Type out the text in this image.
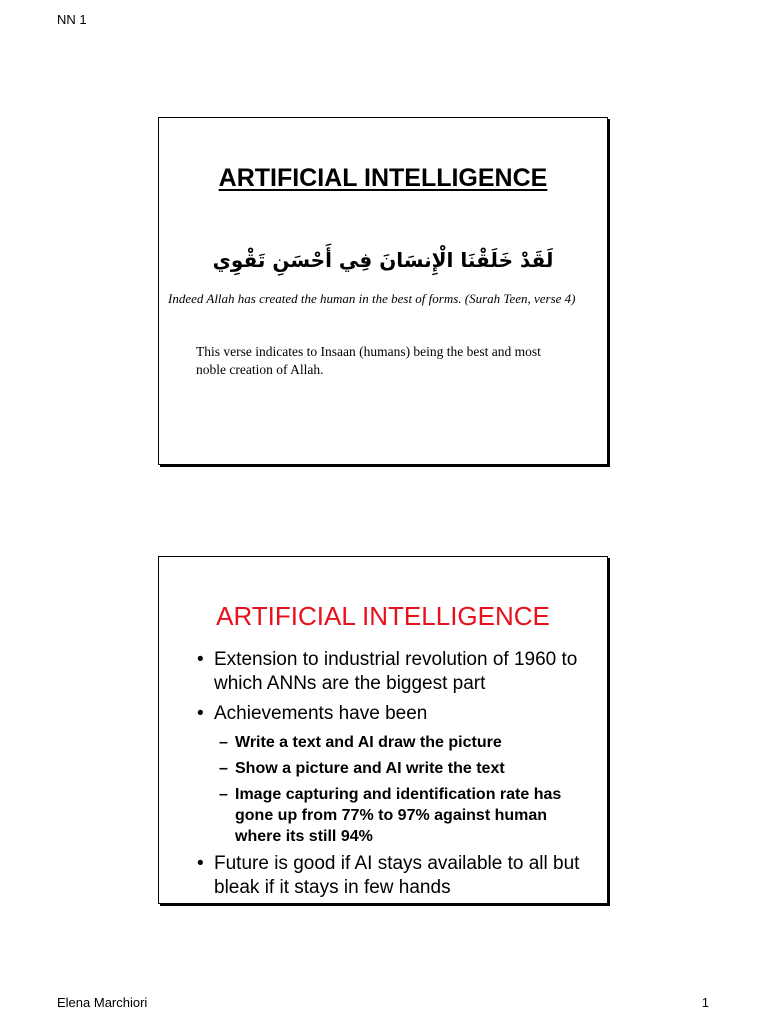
NN 1
ARTIFICIAL INTELLIGENCE
لَقَدْ خَلَقْنَا الْإِنسَانَ فِي أَحْسَنِ تَقْوِي
Indeed Allah has created the human in the best of forms. (Surah Teen, verse 4)
This verse indicates to Insaan (humans) being the best and most noble creation of Allah.
ARTIFICIAL INTELLIGENCE
• Extension to industrial revolution of 1960 to which ANNs are the biggest part
• Achievements have been
– Write a text and AI draw the picture
– Show a picture and AI write the text
– Image capturing and identification rate has gone up from 77% to 97% against human where its still 94%
• Future is good if AI stays available to all but bleak if it stays in few hands
Elena Marchiori	1
